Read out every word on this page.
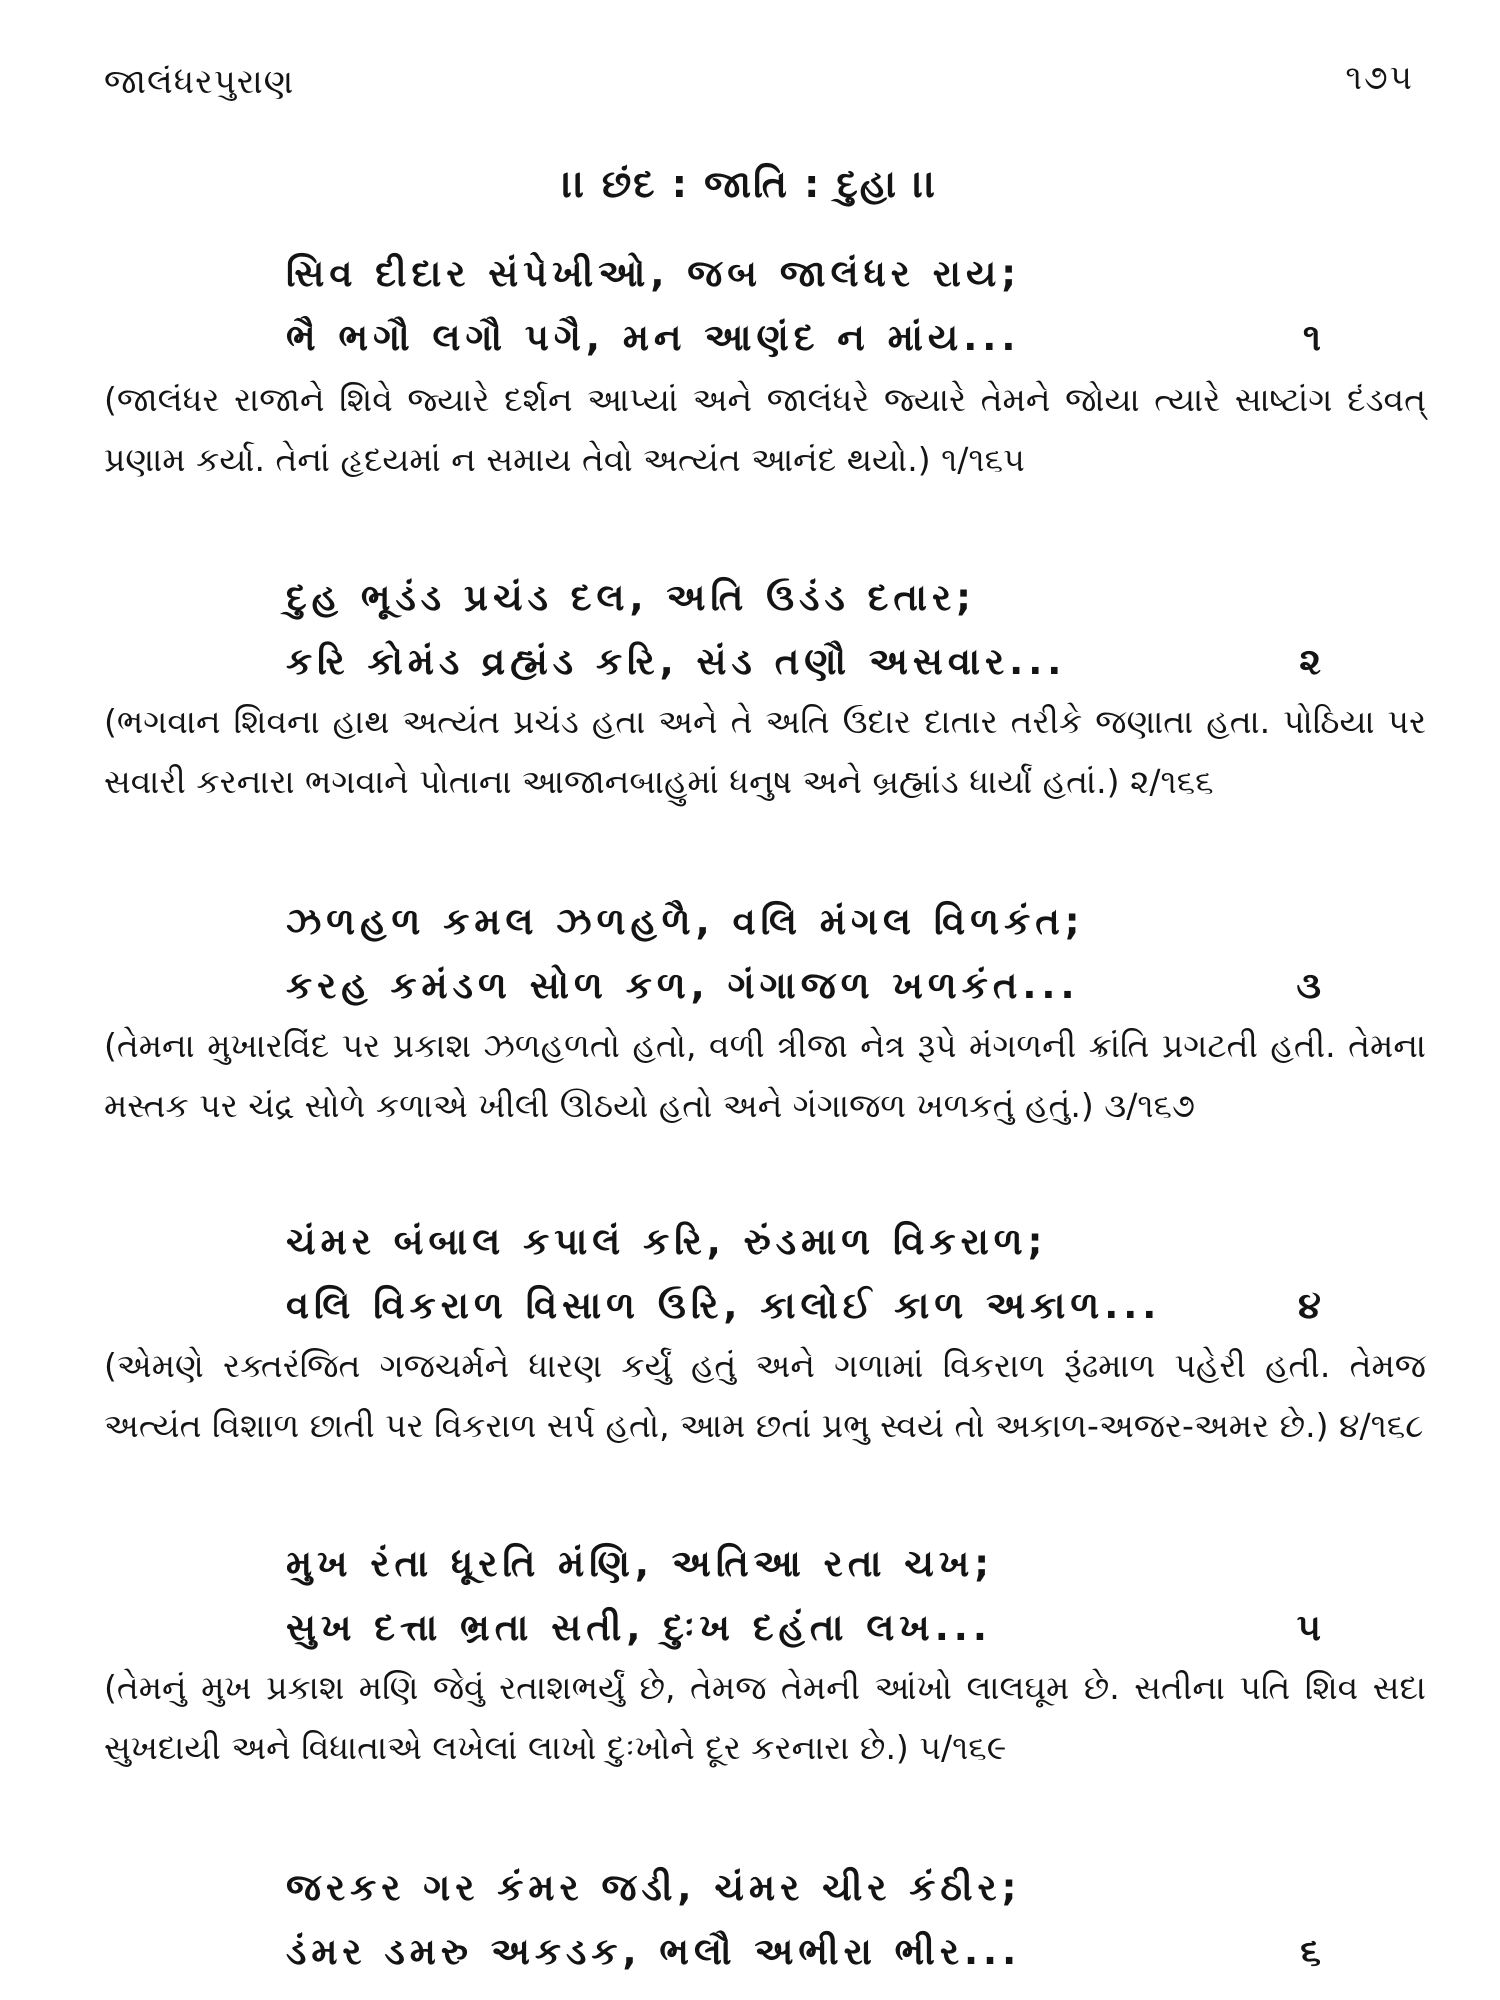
જાલંધરપુરાણ	૧૭૫
।। છંદ : જાતિ : દુહા ।।
સિવ દીદાર સંપેખીઓ, જબ જાલંધર રાય;
ભૈ ભગૌ લગૌ પગૈ, મન આણંદ ન માંય...	૧
(જાલંધર રાજાને શિવે જ્યારે દર્શન આપ્યાં અને જાલંધરે જ્યારે તેમને જોયા ત્યારે સાષ્ટાંગ દંડવત્ પ્રણામ કર્યા. તેનાં હૃદયમાં ન સમાય તેવો અત્યંત આનંદ થયો.) ૧/૧૬૫
દુહ ભૂડંડ પ્રચંડ દલ, અતિ ઉડંડ દતાર;
કરિ કોમંડ વ્રહ્મંડ કરિ, સંડ તણૌ અસવાર...	૨
(ભગવાન શિવના હાથ અત્યંત પ્રચંડ હતા અને તે અતિ ઉદાર દાતાર તરીકે જણાતા હતા. પોઠિયા પર સવારી કરનારા ભગવાને પોતાના આજાનબાહુમાં ધનુષ અને બ્રહ્માંડ ધાર્યાં હતાં.) ૨/૧૬૬
ઝળહળ કમલ ઝળહળૈ, વલિ મંગલ વિળકંત;
કરહ કમંડળ સોળ કળ, ગંગાજળ ખળકંત...	૩
(તેમના મુખારવિંદ પર પ્રકાશ ઝળહળતો હતો, વળી ત્રીજા નેત્ર રૂપે મંગળની ક્રાંતિ પ્રગટતી હતી. તેમના મસ્તક પર ચંદ્ર સોળે કળાએ ખીલી ઊઠયો હતો અને ગંગાજળ ખળકતું હતું.) ૩/૧૬૭
ચંમર બંબાલ કપાલં કરિ, રુંડમાળ વિકરાળ;
વલિ વિકરાળ વિસાળ ઉરિ, કાલોઈ કાળ અકાળ...	૪
(એમણે રક્તરંજિત ગજચર્મને ધારણ કર્યું હતું અને ગળામાં વિકરાળ રૂંઢમાળ પહેરી હતી. તેમજ અત્યંત વિશાળ છાતી પર વિકરાળ સર્પ હતો, આમ છતાં પ્રભુ સ્વયં તો અકાળ-અજર-અમર છે.) ૪/૧૬૮
મુખ રંતા ધૂરતિ મંણિ, અતિઆ રતા ચખ;
સુખ દત્તા ભ્રતા સતી, દુઃખ દહંતા લખ...	૫
(તેમનું મુખ પ્રકાશ મણિ જેવું રતાશભર્યું છે, તેમજ તેમની આંખો લાલઘૂમ છે. સતીના પતિ શિવ સદા સુખદાયી અને વિધાતાએ લખેલાં લાખો દુઃખોને દૂર કરનારા છે.) ૫/૧૬૯
જરકર ગર કંમર જડી, ચંમર ચીર કંઠીર;
ડંમર ડમરુ અકડક, ભલૌ અભીરા ભીર...	૬
